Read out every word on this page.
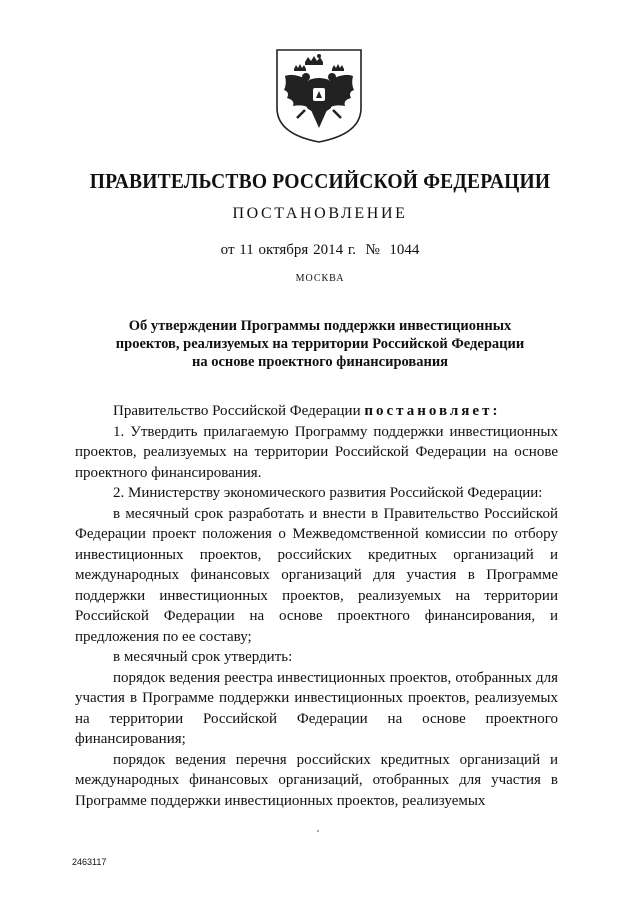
ПРАВИТЕЛЬСТВО РОССИЙСКОЙ ФЕДЕРАЦИИ
ПОСТАНОВЛЕНИЕ
от 11 октября 2014 г.  №  1044
МОСКВА
Об утверждении Программы поддержки инвестиционных
проектов, реализуемых на территории Российской Федерации
на основе проектного финансирования

Правительство Российской Федерации постановляет:

1. Утвердить прилагаемую Программу поддержки инвестиционных проектов, реализуемых на территории Российской Федерации на основе проектного финансирования.

2. Министерству экономического развития Российской Федерации:

в месячный срок разработать и внести в Правительство Российской Федерации проект положения о Межведомственной комиссии по отбору инвестиционных проектов, российских кредитных организаций и международных финансовых организаций для участия в Программе поддержки инвестиционных проектов, реализуемых на территории Российской Федерации на основе проектного финансирования, и предложения по ее составу;

в месячный срок утвердить:

порядок ведения реестра инвестиционных проектов, отобранных для участия в Программе поддержки инвестиционных проектов, реализуемых на территории Российской Федерации на основе проектного финансирования;

порядок ведения перечня российских кредитных организаций и международных финансовых организаций, отобранных для участия в Программе поддержки инвестиционных проектов, реализуемых

2463117
